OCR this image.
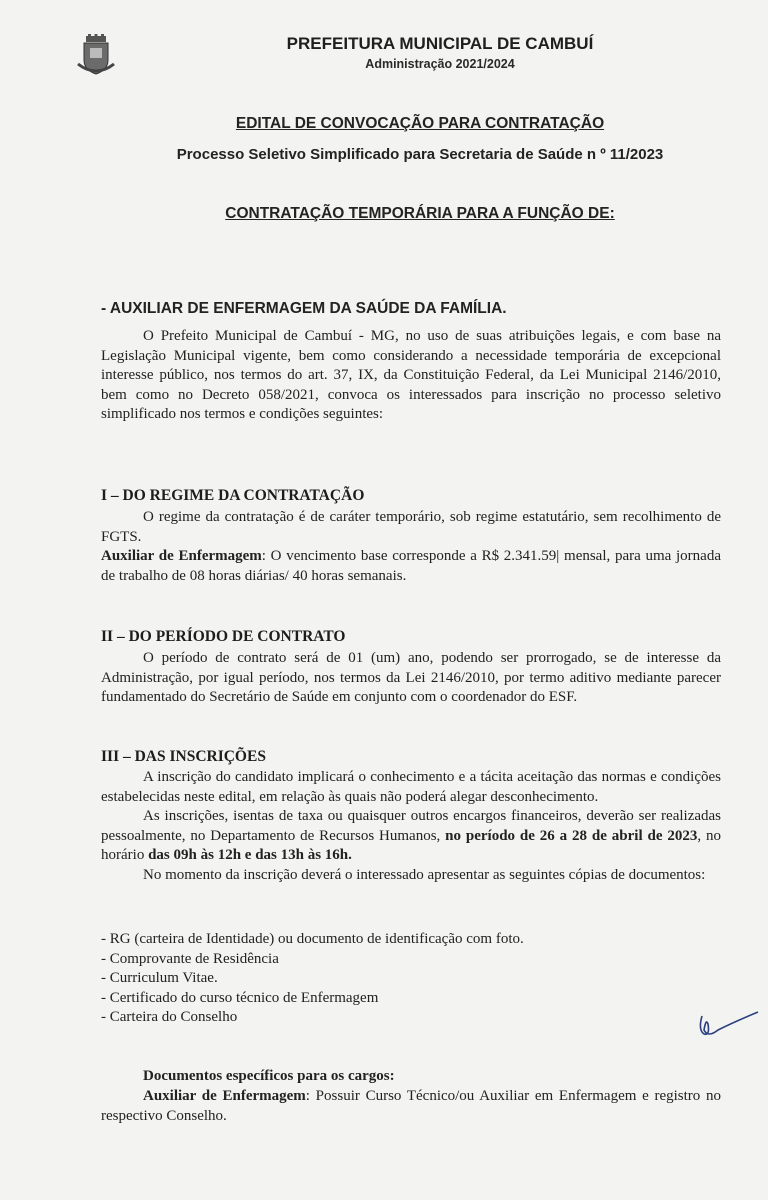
PREFEITURA MUNICIPAL DE CAMBUÍ
Administração 2021/2024
EDITAL DE CONVOCAÇÃO PARA CONTRATAÇÃO
Processo Seletivo Simplificado para Secretaria de Saúde n º 11/2023
CONTRATAÇÃO TEMPORÁRIA PARA A FUNÇÃO DE:
- AUXILIAR DE ENFERMAGEM DA SAÚDE DA FAMÍLIA.

O Prefeito Municipal de Cambuí - MG, no uso de suas atribuições legais, e com base na Legislação Municipal vigente, bem como considerando a necessidade temporária de excepcional interesse público, nos termos do art. 37, IX, da Constituição Federal, da Lei Municipal 2146/2010, bem como no Decreto 058/2021, convoca os interessados para inscrição no processo seletivo simplificado nos termos e condições seguintes:

I – DO REGIME DA CONTRATAÇÃO

O regime da contratação é de caráter temporário, sob regime estatutário, sem recolhimento de FGTS.

Auxiliar de Enfermagem: O vencimento base corresponde a R$ 2.341.59| mensal, para uma jornada de trabalho de 08 horas diárias/ 40 horas semanais.

II – DO PERÍODO DE CONTRATO

O período de contrato será de 01 (um) ano, podendo ser prorrogado, se de interesse da Administração, por igual período, nos termos da Lei 2146/2010, por termo aditivo mediante parecer fundamentado do Secretário de Saúde em conjunto com o coordenador do ESF.

III – DAS INSCRIÇÕES

A inscrição do candidato implicará o conhecimento e a tácita aceitação das normas e condições estabelecidas neste edital, em relação às quais não poderá alegar desconhecimento.

As inscrições, isentas de taxa ou quaisquer outros encargos financeiros, deverão ser realizadas pessoalmente, no Departamento de Recursos Humanos, no período de 26 a 28 de abril de 2023, no horário das 09h às 12h e das 13h às 16h.

No momento da inscrição deverá o interessado apresentar as seguintes cópias de documentos:

- RG (carteira de Identidade) ou documento de identificação com foto.
- Comprovante de Residência
- Curriculum Vitae.
- Certificado do curso técnico de Enfermagem
- Carteira do Conselho
Documentos específicos para os cargos:

Auxiliar de Enfermagem: Possuir Curso Técnico/ou Auxiliar em Enfermagem e registro no respectivo Conselho.
